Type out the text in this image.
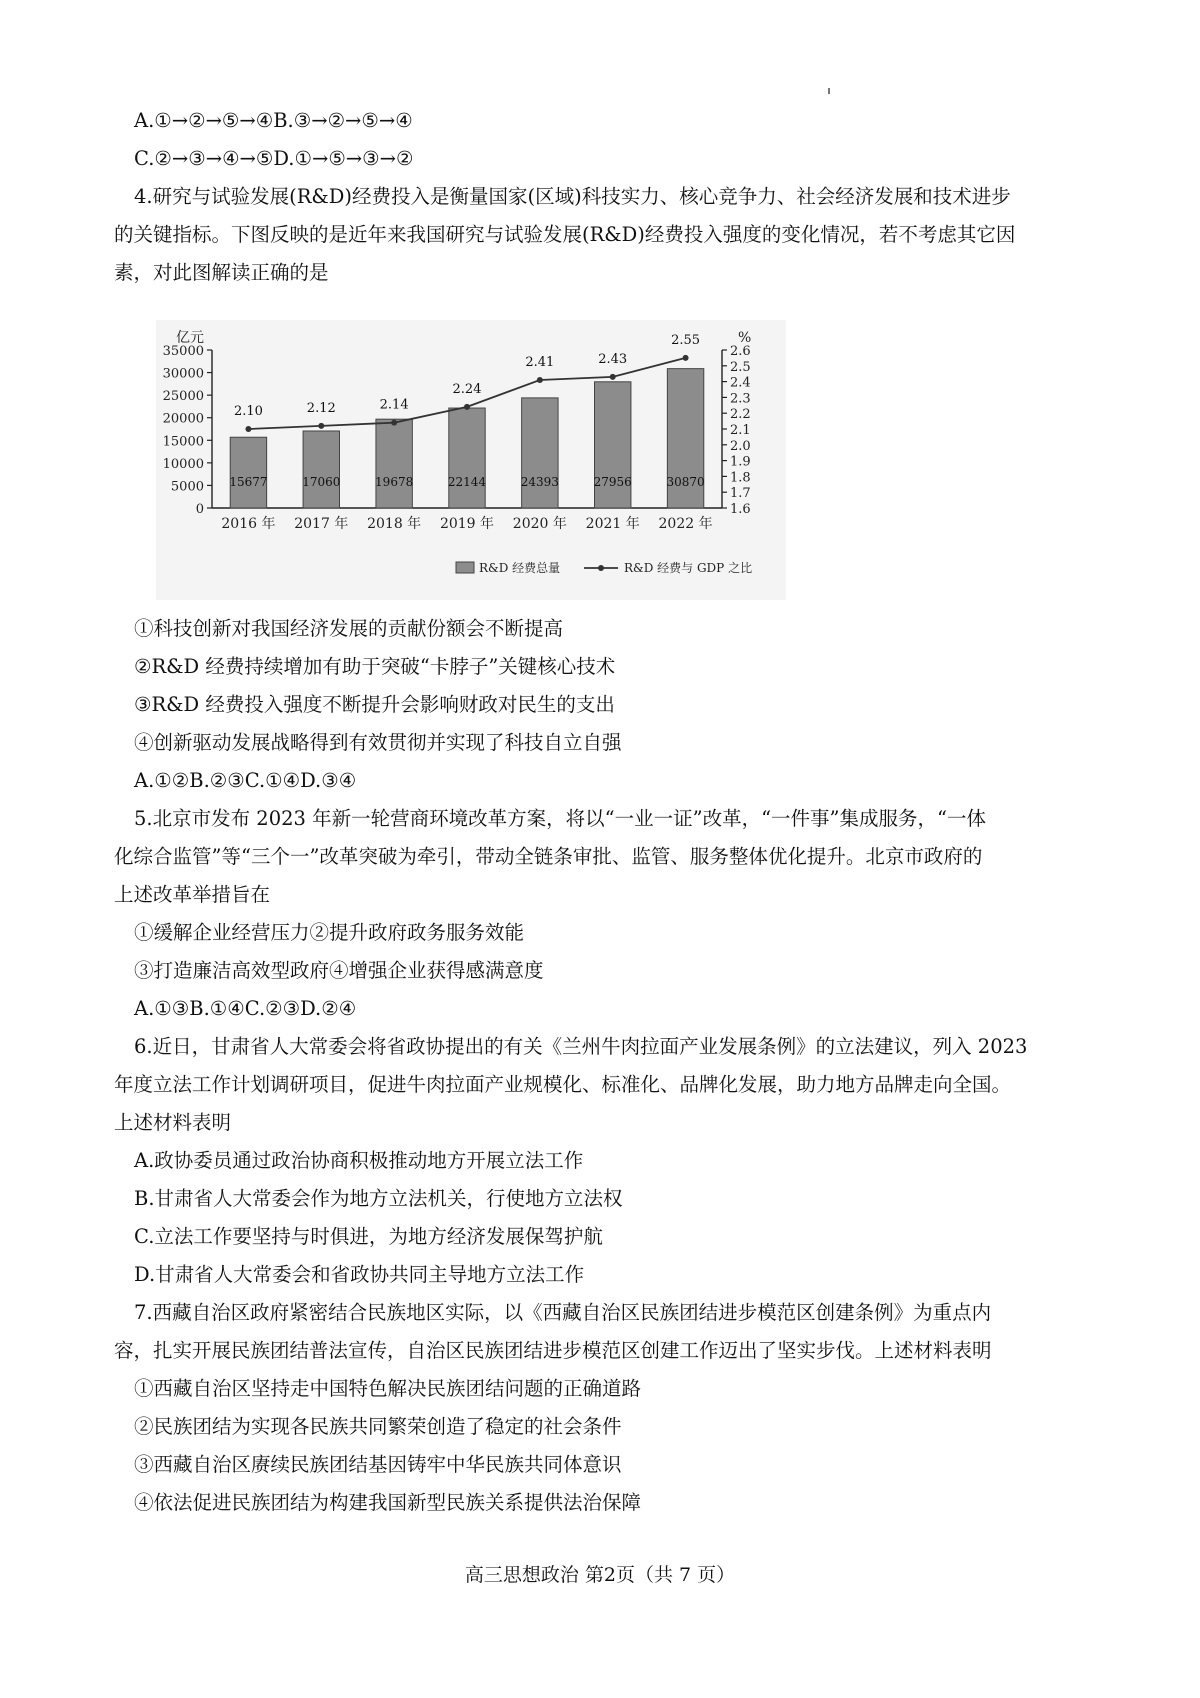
A.①→②→⑤→④B.③→②→⑤→④
C.②→③→④→⑤D.①→⑤→③→②
4.研究与试验发展(R&D)经费投入是衡量国家(区域)科技实力、核心竞争力、社会经济发展和技术进步
的关键指标。下图反映的是近年来我国研究与试验发展(R&D)经费投入强度的变化情况，若不考虑其它因
素，对此图解读正确的是
亿元	%
0
5000
10000
15000
20000
25000
30000
35000
1.6
1.7
1.8
1.9
2.0
2.1
2.2
2.3
2.4
2.5
2.6
2016 年 2017 年 2018 年 2019 年 2020 年 2021 年 2022 年
15677	17060	19678	22144	24393	27956	30870
2.10	2.12	2.14
2.24
2.41	2.43
2.55
R&D 经费总量	R&D 经费与 GDP 之比
①科技创新对我国经济发展的贡献份额会不断提高
②R&D 经费持续增加有助于突破“卡脖子”关键核心技术
③R&D 经费投入强度不断提升会影响财政对民生的支出
④创新驱动发展战略得到有效贯彻并实现了科技自立自强
A.①②B.②③C.①④D.③④
5.北京市发布 2023 年新一轮营商环境改革方案，将以“一业一证”改革，“一件事”集成服务，“一体
化综合监管”等“三个一”改革突破为牵引，带动全链条审批、监管、服务整体优化提升。北京市政府的
上述改革举措旨在
①缓解企业经营压力②提升政府政务服务效能
③打造廉洁高效型政府④增强企业获得感满意度
A.①③B.①④C.②③D.②④
6.近日，甘肃省人大常委会将省政协提出的有关《兰州牛肉拉面产业发展条例》的立法建议，列入 2023
年度立法工作计划调研项目，促进牛肉拉面产业规模化、标准化、品牌化发展，助力地方品牌走向全国。
上述材料表明
A.政协委员通过政治协商积极推动地方开展立法工作
B.甘肃省人大常委会作为地方立法机关，行使地方立法权
C.立法工作要坚持与时俱进，为地方经济发展保驾护航
D.甘肃省人大常委会和省政协共同主导地方立法工作
7.西藏自治区政府紧密结合民族地区实际，以《西藏自治区民族团结进步模范区创建条例》为重点内
容，扎实开展民族团结普法宣传，自治区民族团结进步模范区创建工作迈出了坚实步伐。上述材料表明
①西藏自治区坚持走中国特色解决民族团结问题的正确道路
②民族团结为实现各民族共同繁荣创造了稳定的社会条件
③西藏自治区赓续民族团结基因铸牢中华民族共同体意识
④依法促进民族团结为构建我国新型民族关系提供法治保障
高三思想政治 第2页（共 7 页）
